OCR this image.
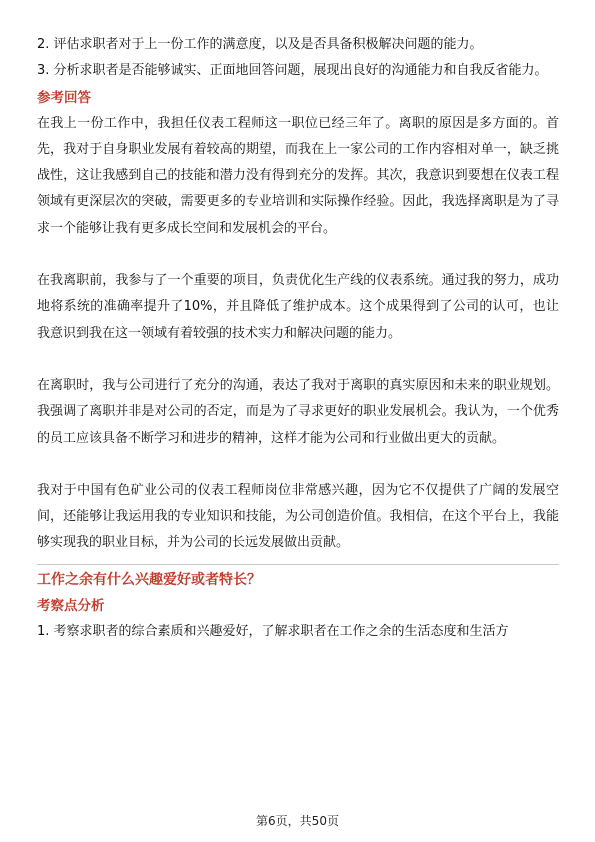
2. 评估求职者对于上一份工作的满意度，以及是否具备积极解决问题的能力。

3. 分析求职者是否能够诚实、正面地回答问题，展现出良好的沟通能力和自我反省能力。

参考回答

在我上一份工作中，我担任仪表工程师这一职位已经三年了。离职的原因是多方面的。首先，我对于自身职业发展有着较高的期望，而我在上一家公司的工作内容相对单一，缺乏挑战性，这让我感到自己的技能和潜力没有得到充分的发挥。其次，我意识到要想在仪表工程领域有更深层次的突破，需要更多的专业培训和实际操作经验。因此，我选择离职是为了寻求一个能够让我有更多成长空间和发展机会的平台。

在我离职前，我参与了一个重要的项目，负责优化生产线的仪表系统。通过我的努力，成功地将系统的准确率提升了10%，并且降低了维护成本。这个成果得到了公司的认可，也让我意识到我在这一领域有着较强的技术实力和解决问题的能力。

在离职时，我与公司进行了充分的沟通，表达了我对于离职的真实原因和未来的职业规划。我强调了离职并非是对公司的否定，而是为了寻求更好的职业发展机会。我认为，一个优秀的员工应该具备不断学习和进步的精神，这样才能为公司和行业做出更大的贡献。

我对于中国有色矿业公司的仪表工程师岗位非常感兴趣，因为它不仅提供了广阔的发展空间，还能够让我运用我的专业知识和技能，为公司创造价值。我相信，在这个平台上，我能够实现我的职业目标，并为公司的长远发展做出贡献。

工作之余有什么兴趣爱好或者特长？

考察点分析

1. 考察求职者的综合素质和兴趣爱好，了解求职者在工作之余的生活态度和生活方

第6页，共50页
